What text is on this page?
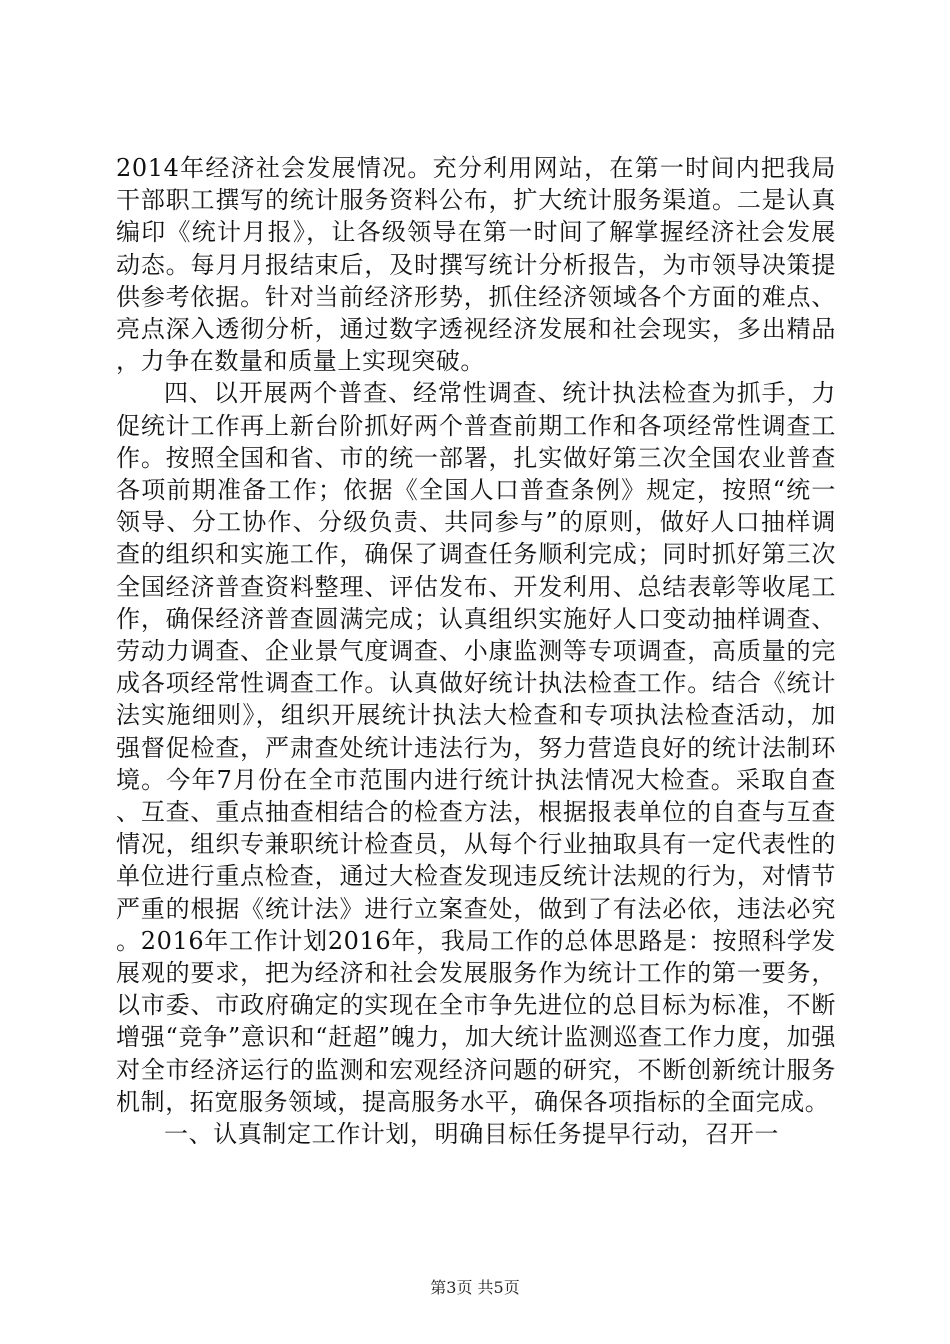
2014年经济社会发展情况。充分利用网站，在第一时间内把我局干部职工撰写的统计服务资料公布，扩大统计服务渠道。二是认真编印《统计月报》，让各级领导在第一时间了解掌握经济社会发展动态。每月月报结束后，及时撰写统计分析报告，为市领导决策提供参考依据。针对当前经济形势，抓住经济领域各个方面的难点、亮点深入透彻分析，通过数字透视经济发展和社会现实，多出精品，力争在数量和质量上实现突破。

四、以开展两个普查、经常性调查、统计执法检查为抓手，力促统计工作再上新台阶抓好两个普查前期工作和各项经常性调查工作。按照全国和省、市的统一部署，扎实做好第三次全国农业普查各项前期准备工作；依据《全国人口普查条例》规定，按照“统一领导、分工协作、分级负责、共同参与”的原则，做好人口抽样调查的组织和实施工作，确保了调查任务顺利完成；同时抓好第三次全国经济普查资料整理、评估发布、开发利用、总结表彰等收尾工作，确保经济普查圆满完成；认真组织实施好人口变动抽样调查、劳动力调查、企业景气度调查、小康监测等专项调查，高质量的完成各项经常性调查工作。认真做好统计执法检查工作。结合《统计法实施细则》，组织开展统计执法大检查和专项执法检查活动，加强督促检查，严肃查处统计违法行为，努力营造良好的统计法制环境。今年7月份在全市范围内进行统计执法情况大检查。采取自查、互查、重点抽查相结合的检查方法，根据报表单位的自查与互查情况，组织专兼职统计检查员，从每个行业抽取具有一定代表性的单位进行重点检查，通过大检查发现违反统计法规的行为，对情节严重的根据《统计法》进行立案查处，做到了有法必依，违法必究。2016年工作计划2016年，我局工作的总体思路是：按照科学发展观的要求，把为经济和社会发展服务作为统计工作的第一要务，以市委、市政府确定的实现在全市争先进位的总目标为标准，不断增强“竞争”意识和“赶超”魄力，加大统计监测巡查工作力度，加强对全市经济运行的监测和宏观经济问题的研究，不断创新统计服务机制，拓宽服务领域，提高服务水平，确保各项指标的全面完成。

一、认真制定工作计划，明确目标任务提早行动，召开一

第3页 共5页
